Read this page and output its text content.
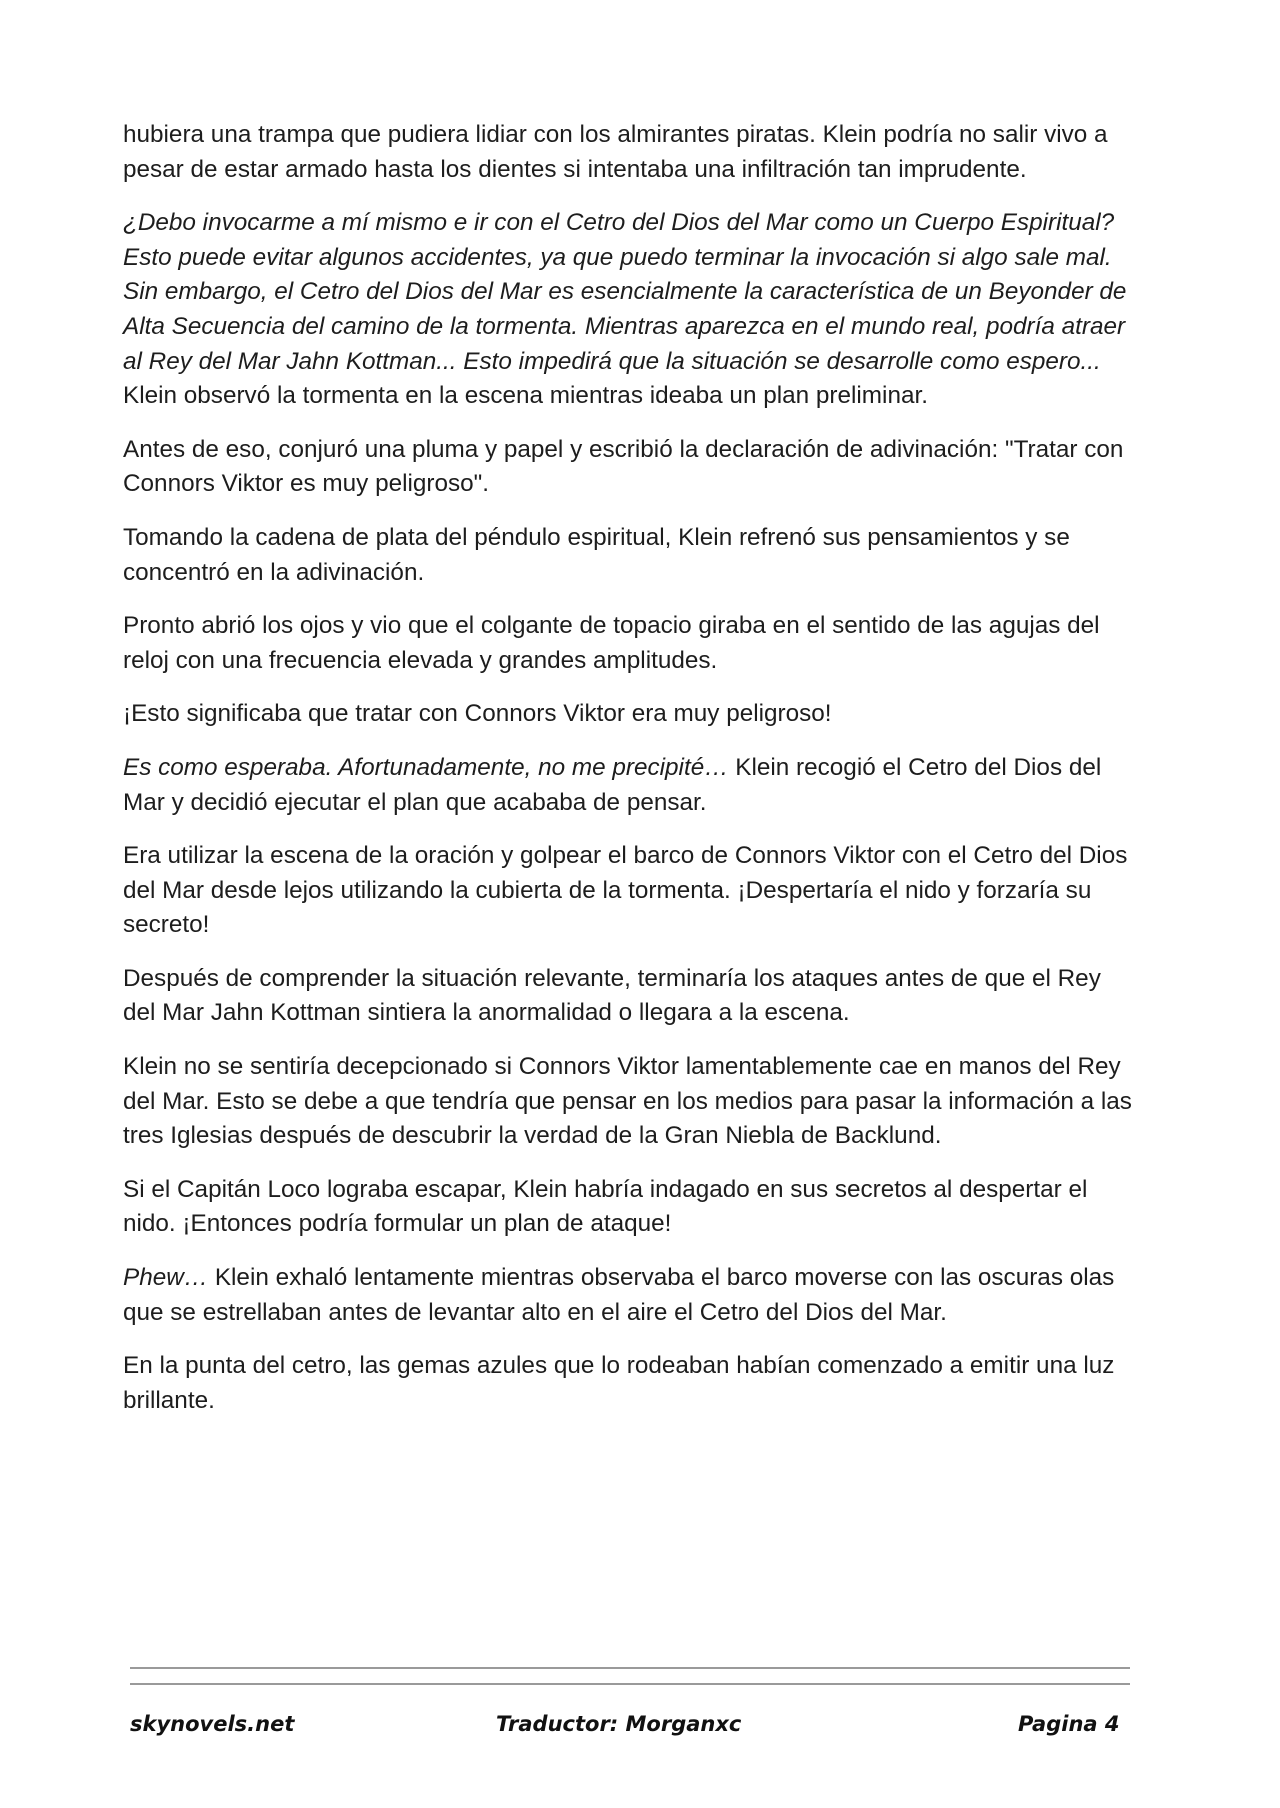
hubiera una trampa que pudiera lidiar con los almirantes piratas. Klein podría no salir vivo a pesar de estar armado hasta los dientes si intentaba una infiltración tan imprudente.

¿Debo invocarme a mí mismo e ir con el Cetro del Dios del Mar como un Cuerpo Espiritual? Esto puede evitar algunos accidentes, ya que puedo terminar la invocación si algo sale mal. Sin embargo, el Cetro del Dios del Mar es esencialmente la característica de un Beyonder de Alta Secuencia del camino de la tormenta. Mientras aparezca en el mundo real, podría atraer al Rey del Mar Jahn Kottman... Esto impedirá que la situación se desarrolle como espero... Klein observó la tormenta en la escena mientras ideaba un plan preliminar.

Antes de eso, conjuró una pluma y papel y escribió la declaración de adivinación: "Tratar con Connors Viktor es muy peligroso".

Tomando la cadena de plata del péndulo espiritual, Klein refrenó sus pensamientos y se concentró en la adivinación.

Pronto abrió los ojos y vio que el colgante de topacio giraba en el sentido de las agujas del reloj con una frecuencia elevada y grandes amplitudes.

¡Esto significaba que tratar con Connors Viktor era muy peligroso!

Es como esperaba. Afortunadamente, no me precipité… Klein recogió el Cetro del Dios del Mar y decidió ejecutar el plan que acababa de pensar.

Era utilizar la escena de la oración y golpear el barco de Connors Viktor con el Cetro del Dios del Mar desde lejos utilizando la cubierta de la tormenta. ¡Despertaría el nido y forzaría su secreto!

Después de comprender la situación relevante, terminaría los ataques antes de que el Rey del Mar Jahn Kottman sintiera la anormalidad o llegara a la escena.

Klein no se sentiría decepcionado si Connors Viktor lamentablemente cae en manos del Rey del Mar. Esto se debe a que tendría que pensar en los medios para pasar la información a las tres Iglesias después de descubrir la verdad de la Gran Niebla de Backlund.

Si el Capitán Loco lograba escapar, Klein habría indagado en sus secretos al despertar el nido. ¡Entonces podría formular un plan de ataque!

Phew… Klein exhaló lentamente mientras observaba el barco moverse con las oscuras olas que se estrellaban antes de levantar alto en el aire el Cetro del Dios del Mar.

En la punta del cetro, las gemas azules que lo rodeaban habían comenzado a emitir una luz brillante.

skynovels.net	Traductor: Morganxc	Pagina 4
